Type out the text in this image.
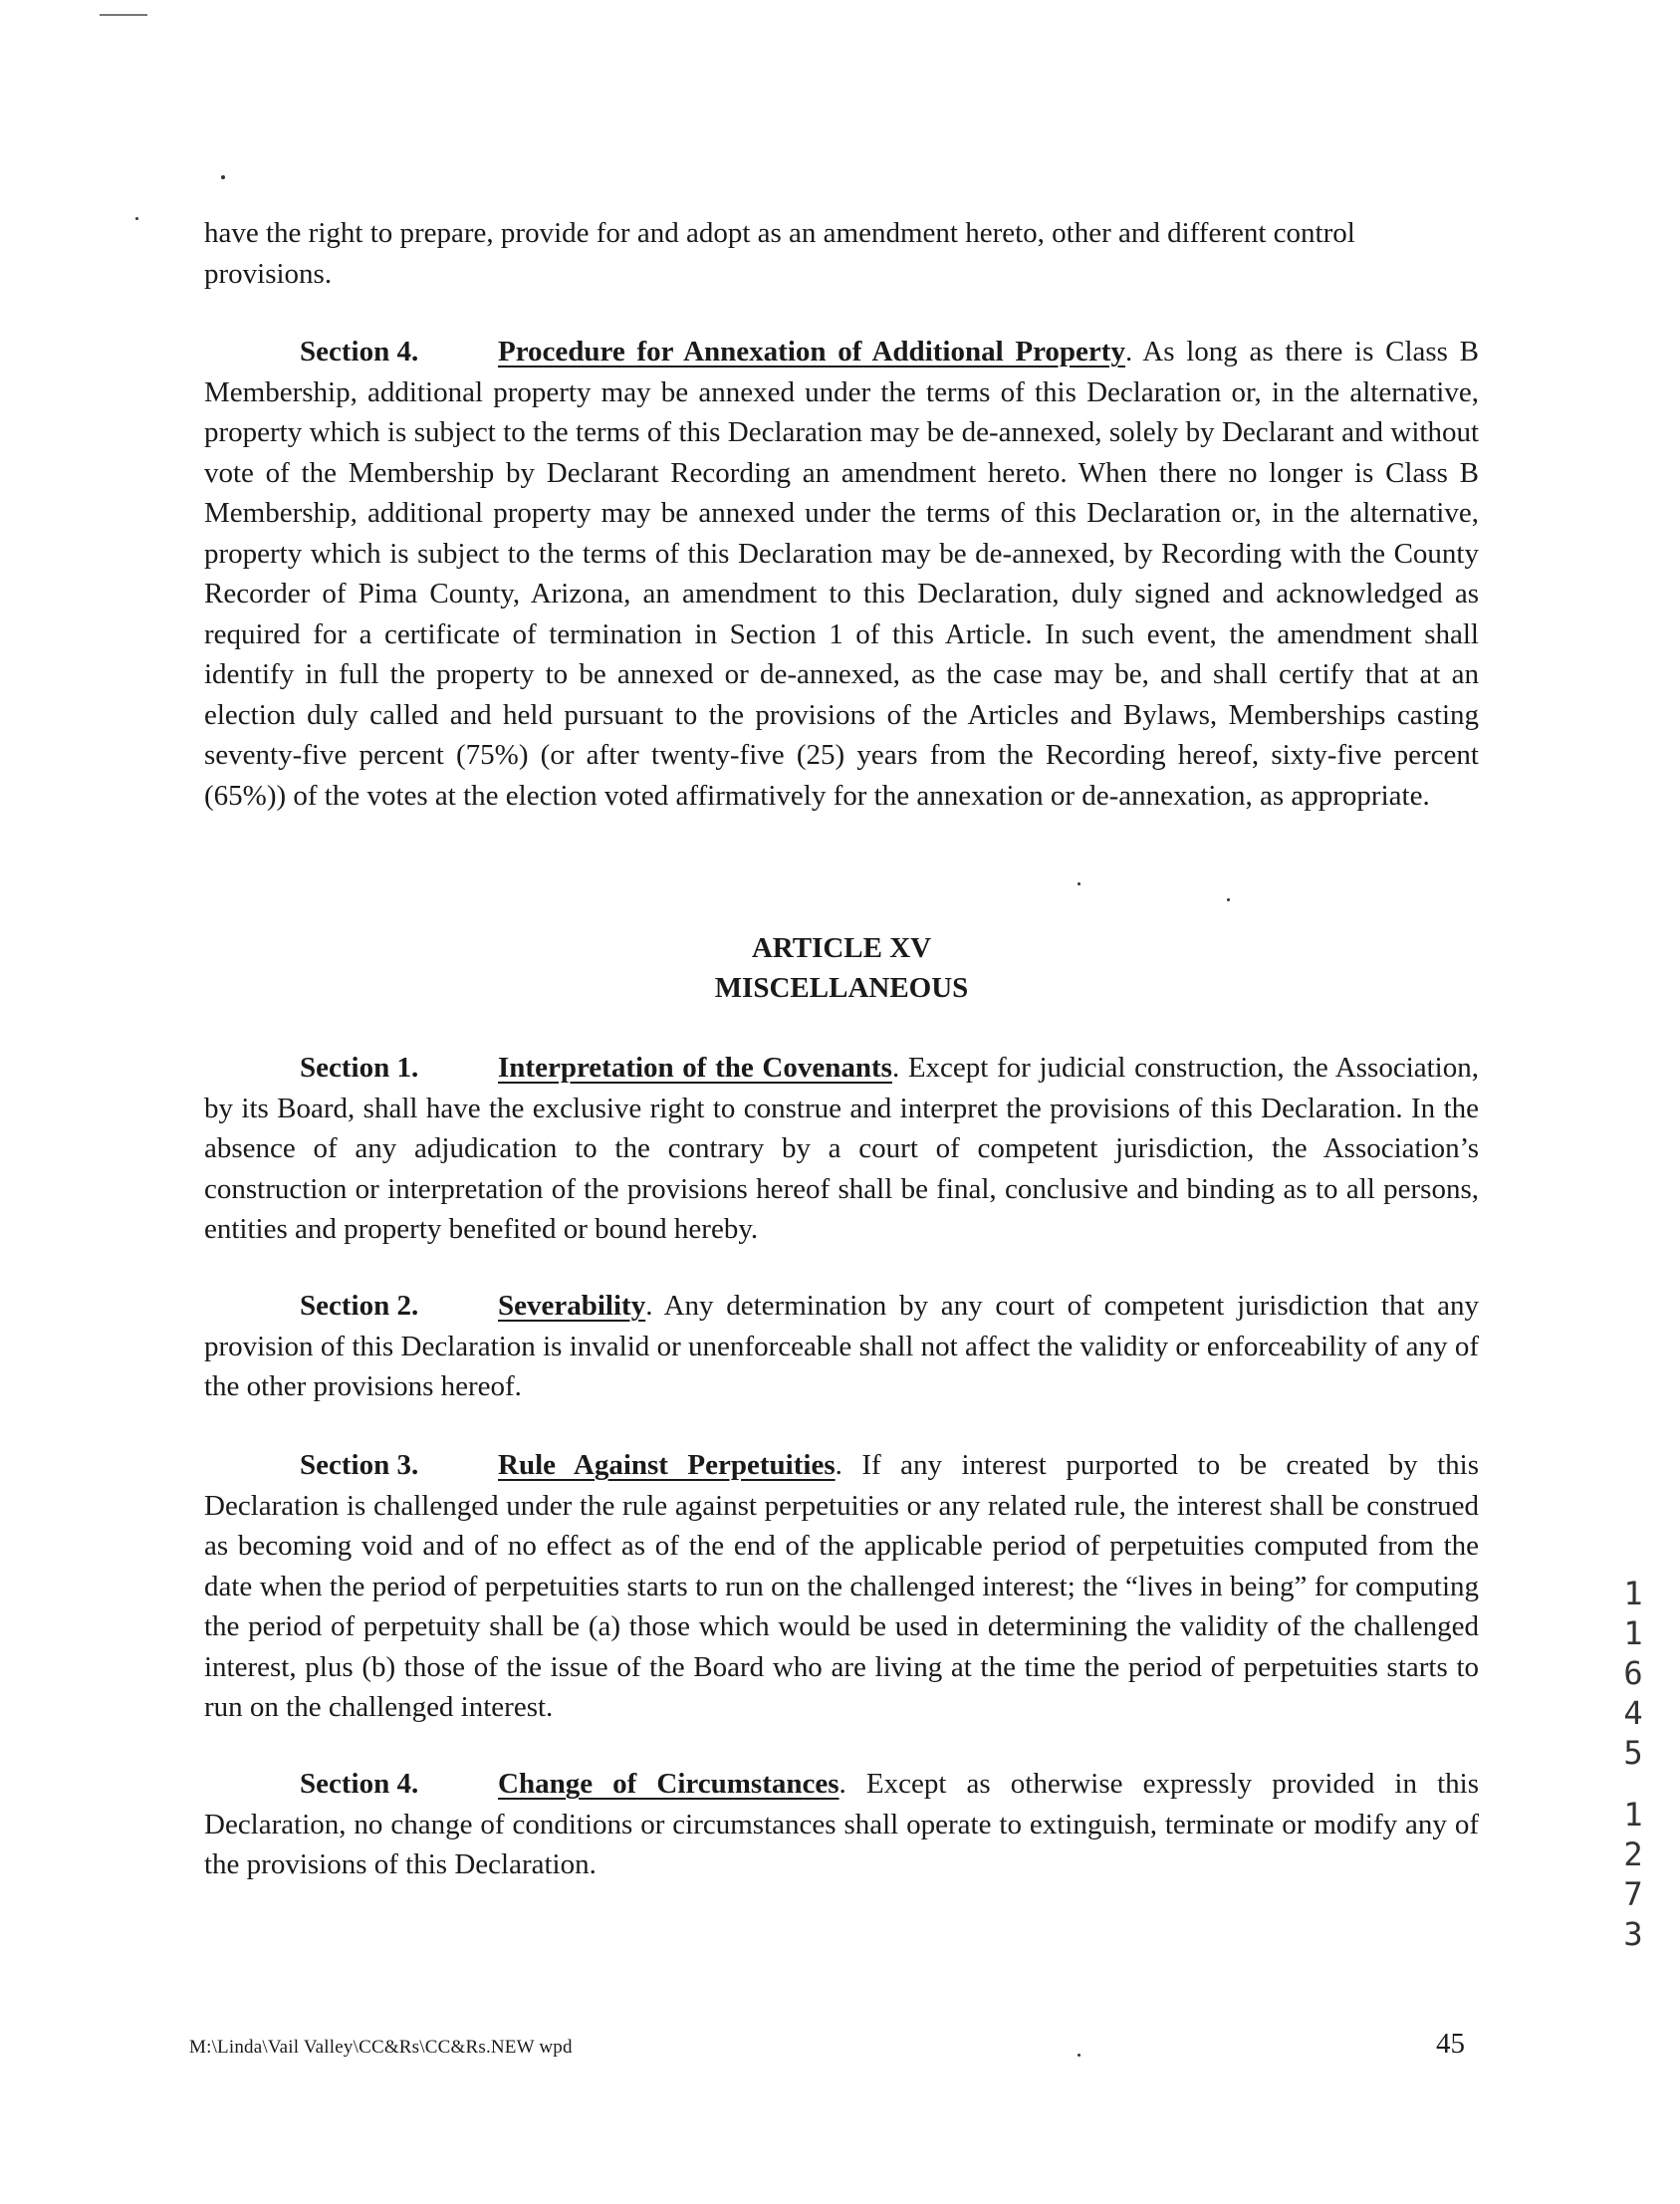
have the right to prepare, provide for and adopt as an amendment hereto, other and different control provisions.

Section 4.	Procedure for Annexation of Additional Property. As long as there is Class B Membership, additional property may be annexed under the terms of this Declaration or, in the alternative, property which is subject to the terms of this Declaration may be de-annexed, solely by Declarant and without vote of the Membership by Declarant Recording an amendment hereto. When there no longer is Class B Membership, additional property may be annexed under the terms of this Declaration or, in the alternative, property which is subject to the terms of this Declaration may be de-annexed, by Recording with the County Recorder of Pima County, Arizona, an amendment to this Declaration, duly signed and acknowledged as required for a certificate of termination in Section 1 of this Article. In such event, the amendment shall identify in full the property to be annexed or de-annexed, as the case may be, and shall certify that at an election duly called and held pursuant to the provisions of the Articles and Bylaws, Memberships casting seventy-five percent (75%) (or after twenty-five (25) years from the Recording hereof, sixty-five percent (65%)) of the votes at the election voted affirmatively for the annexation or de-annexation, as appropriate.

ARTICLE XV
MISCELLANEOUS

Section 1.	Interpretation of the Covenants. Except for judicial construction, the Association, by its Board, shall have the exclusive right to construe and interpret the provisions of this Declaration. In the absence of any adjudication to the contrary by a court of competent jurisdiction, the Association’s construction or interpretation of the provisions hereof shall be final, conclusive and binding as to all persons, entities and property benefited or bound hereby.

Section 2.	Severability. Any determination by any court of competent jurisdiction that any provision of this Declaration is invalid or unenforceable shall not affect the validity or enforceability of any of the other provisions hereof.

Section 3.	Rule Against Perpetuities. If any interest purported to be created by this Declaration is challenged under the rule against perpetuities or any related rule, the interest shall be construed as becoming void and of no effect as of the end of the applicable period of perpetuities computed from the date when the period of perpetuities starts to run on the challenged interest; the “lives in being” for computing the period of perpetuity shall be (a) those which would be used in determining the validity of the challenged interest, plus (b) those of the issue of the Board who are living at the time the period of perpetuities starts to run on the challenged interest.

Section 4.	Change of Circumstances. Except as otherwise expressly provided in this Declaration, no change of conditions or circumstances shall operate to extinguish, terminate or modify any of the provisions of this Declaration.

1
1
6
4
5
1
2
7
3
M:\Linda\Vail Valley\CC&Rs\CC&Rs.NEW wpd	45
